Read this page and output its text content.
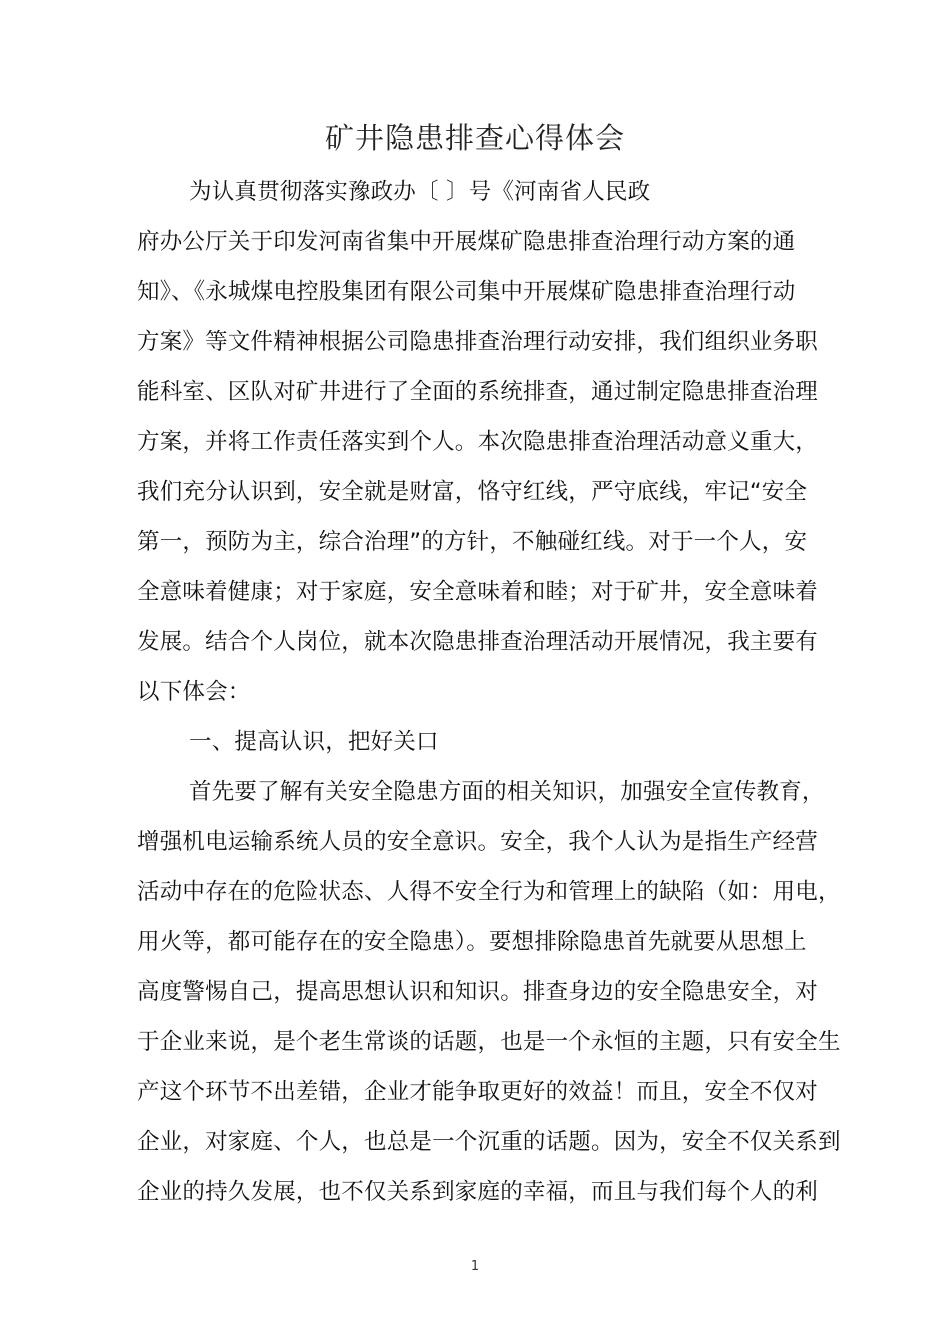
矿井隐患排查心得体会
为认真贯彻落实豫政办〔 〕号《河南省人民政
府办公厅关于印发河南省集中开展煤矿隐患排查治理行动方案的通
知》、《永城煤电控股集团有限公司集中开展煤矿隐患排查治理行动
方案》等文件精神根据公司隐患排查治理行动安排，我们组织业务职
能科室、区队对矿井进行了全面的系统排查，通过制定隐患排查治理
方案，并将工作责任落实到个人。本次隐患排查治理活动意义重大，
我们充分认识到，安全就是财富，恪守红线，严守底线，牢记“安全
第一，预防为主，综合治理”的方针，不触碰红线。对于一个人，安
全意味着健康；对于家庭，安全意味着和睦；对于矿井，安全意味着
发展。结合个人岗位，就本次隐患排查治理活动开展情况，我主要有
以下体会：
一、提高认识，把好关口
首先要了解有关安全隐患方面的相关知识，加强安全宣传教育，
增强机电运输系统人员的安全意识。安全，我个人认为是指生产经营
活动中存在的危险状态、人得不安全行为和管理上的缺陷（如：用电，
用火等，都可能存在的安全隐患）。要想排除隐患首先就要从思想上
高度警惕自己，提高思想认识和知识。排查身边的安全隐患安全，对
于企业来说，是个老生常谈的话题，也是一个永恒的主题，只有安全生
产这个环节不出差错，企业才能争取更好的效益！而且，安全不仅对
企业，对家庭、个人，也总是一个沉重的话题。因为，安全不仅关系到
企业的持久发展，也不仅关系到家庭的幸福，而且与我们每个人的利
1
